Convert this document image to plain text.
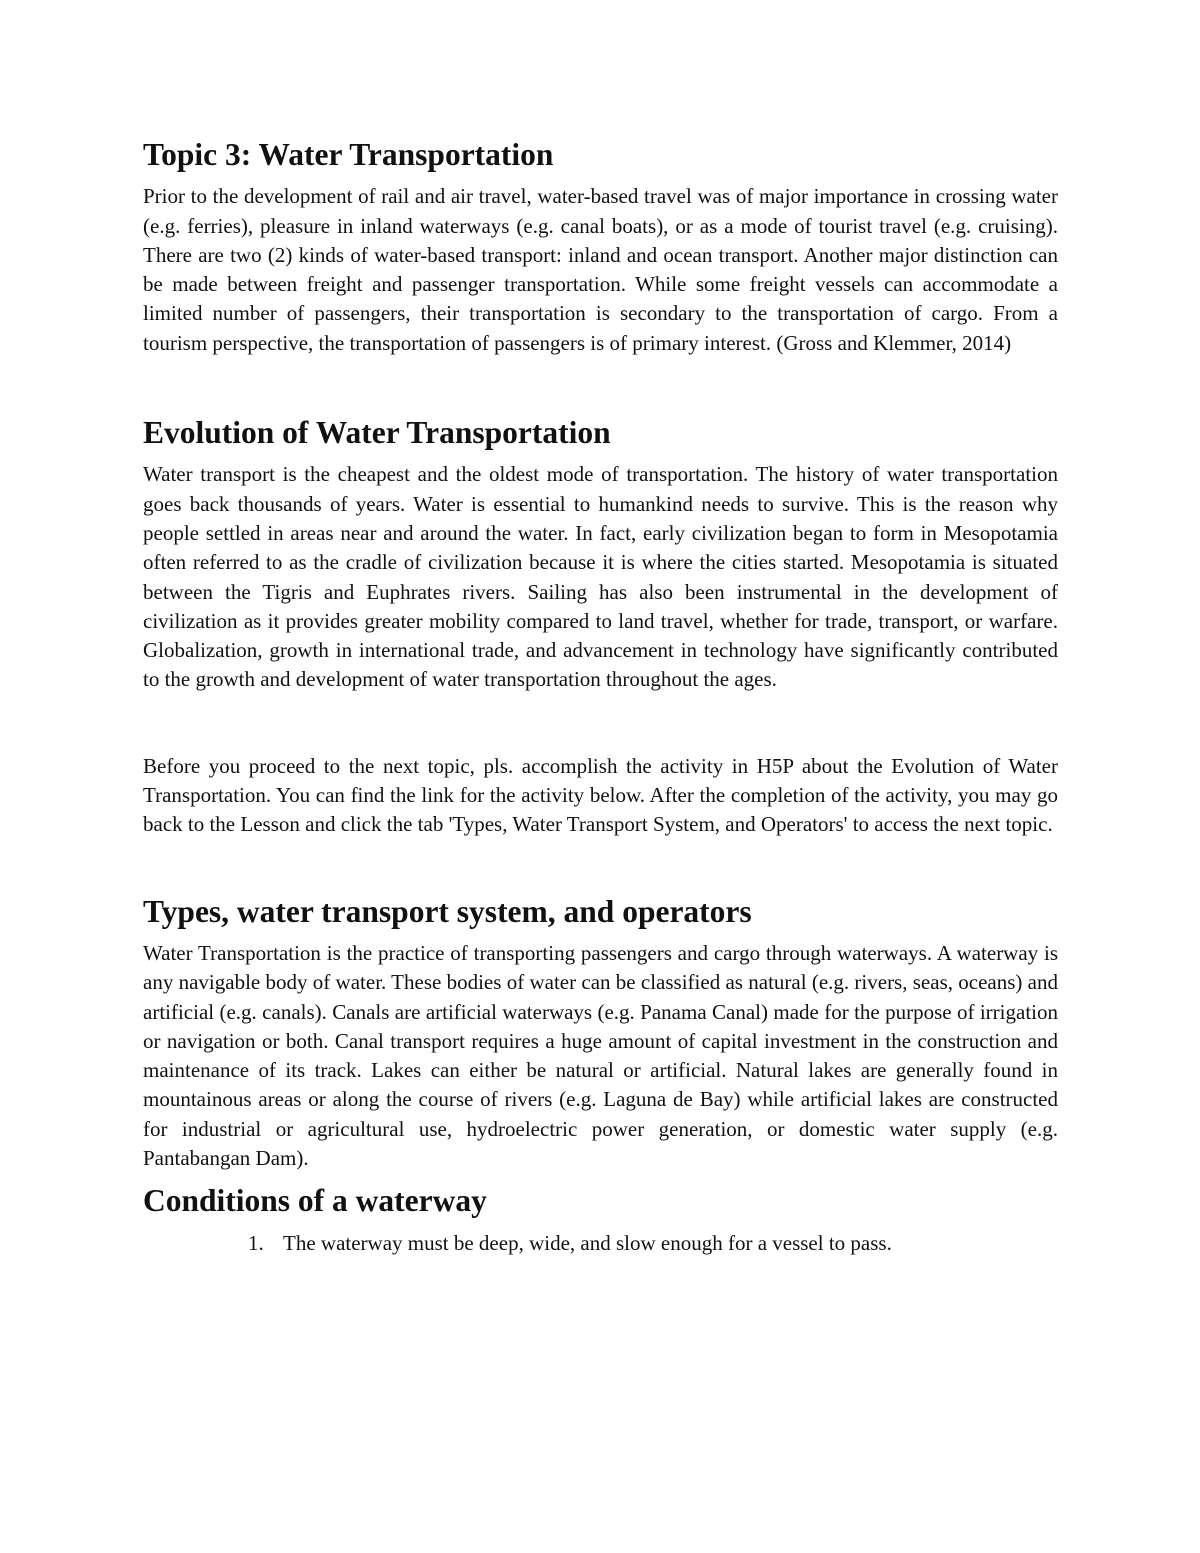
Topic 3: Water Transportation

Prior to the development of rail and air travel, water-based travel was of major importance in crossing water (e.g. ferries), pleasure in inland waterways (e.g. canal boats), or as a mode of tourist travel (e.g. cruising). There are two (2) kinds of water-based transport: inland and ocean transport. Another major distinction can be made between freight and passenger transportation. While some freight vessels can accommodate a limited number of passengers, their transportation is secondary to the transportation of cargo. From a tourism perspective, the transportation of passengers is of primary interest. (Gross and Klemmer, 2014)

Evolution of Water Transportation

Water transport is the cheapest and the oldest mode of transportation. The history of water transportation goes back thousands of years. Water is essential to humankind needs to survive. This is the reason why people settled in areas near and around the water. In fact, early civilization began to form in Mesopotamia often referred to as the cradle of civilization because it is where the cities started. Mesopotamia is situated between the Tigris and Euphrates rivers. Sailing has also been instrumental in the development of civilization as it provides greater mobility compared to land travel, whether for trade, transport, or warfare. Globalization, growth in international trade, and advancement in technology have significantly contributed to the growth and development of water transportation throughout the ages.

Before you proceed to the next topic, pls. accomplish the activity in H5P about the Evolution of Water Transportation. You can find the link for the activity below. After the completion of the activity, you may go back to the Lesson and click the tab 'Types, Water Transport System, and Operators' to access the next topic.

Types, water transport system, and operators

Water Transportation is the practice of transporting passengers and cargo through waterways. A waterway is any navigable body of water. These bodies of water can be classified as natural (e.g. rivers, seas, oceans) and artificial (e.g. canals). Canals are artificial waterways (e.g. Panama Canal) made for the purpose of irrigation or navigation or both. Canal transport requires a huge amount of capital investment in the construction and maintenance of its track. Lakes can either be natural or artificial. Natural lakes are generally found in mountainous areas or along the course of rivers (e.g. Laguna de Bay) while artificial lakes are constructed for industrial or agricultural use, hydroelectric power generation, or domestic water supply (e.g. Pantabangan Dam).

Conditions of a waterway
1. The waterway must be deep, wide, and slow enough for a vessel to pass.
